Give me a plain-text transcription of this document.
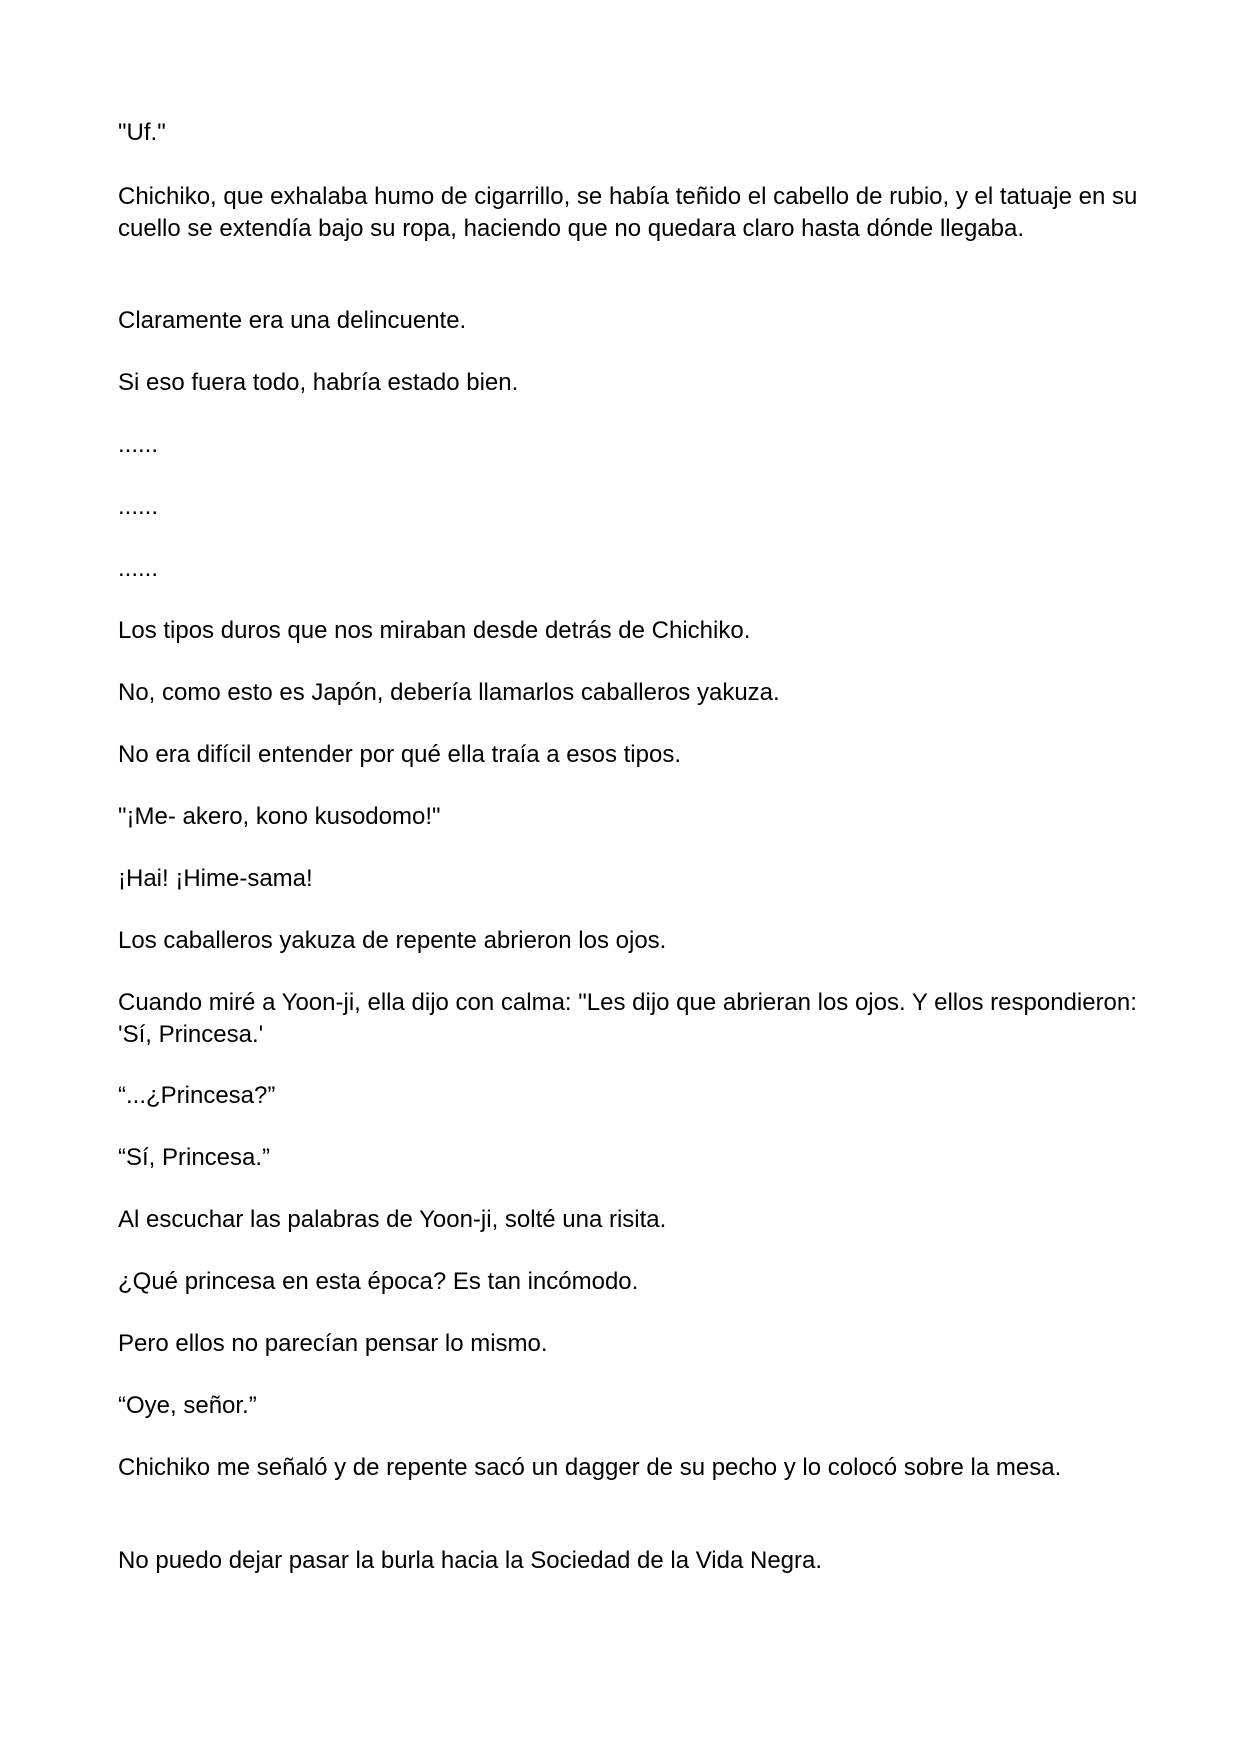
"Uf."

Chichiko, que exhalaba humo de cigarrillo, se había teñido el cabello de rubio, y el tatuaje en su cuello se extendía bajo su ropa, haciendo que no quedara claro hasta dónde llegaba.

Claramente era una delincuente.

Si eso fuera todo, habría estado bien.

......

......

......

Los tipos duros que nos miraban desde detrás de Chichiko.

No, como esto es Japón, debería llamarlos caballeros yakuza.

No era difícil entender por qué ella traía a esos tipos.

"¡Me- akero, kono kusodomo!"

¡Hai! ¡Hime-sama!

Los caballeros yakuza de repente abrieron los ojos.

Cuando miré a Yoon-ji, ella dijo con calma: "Les dijo que abrieran los ojos. Y ellos respondieron: 'Sí, Princesa.'

“...¿Princesa?”

“Sí, Princesa.”

Al escuchar las palabras de Yoon-ji, solté una risita.

¿Qué princesa en esta época? Es tan incómodo.

Pero ellos no parecían pensar lo mismo.

“Oye, señor.”

Chichiko me señaló y de repente sacó un dagger de su pecho y lo colocó sobre la mesa.

No puedo dejar pasar la burla hacia la Sociedad de la Vida Negra.
